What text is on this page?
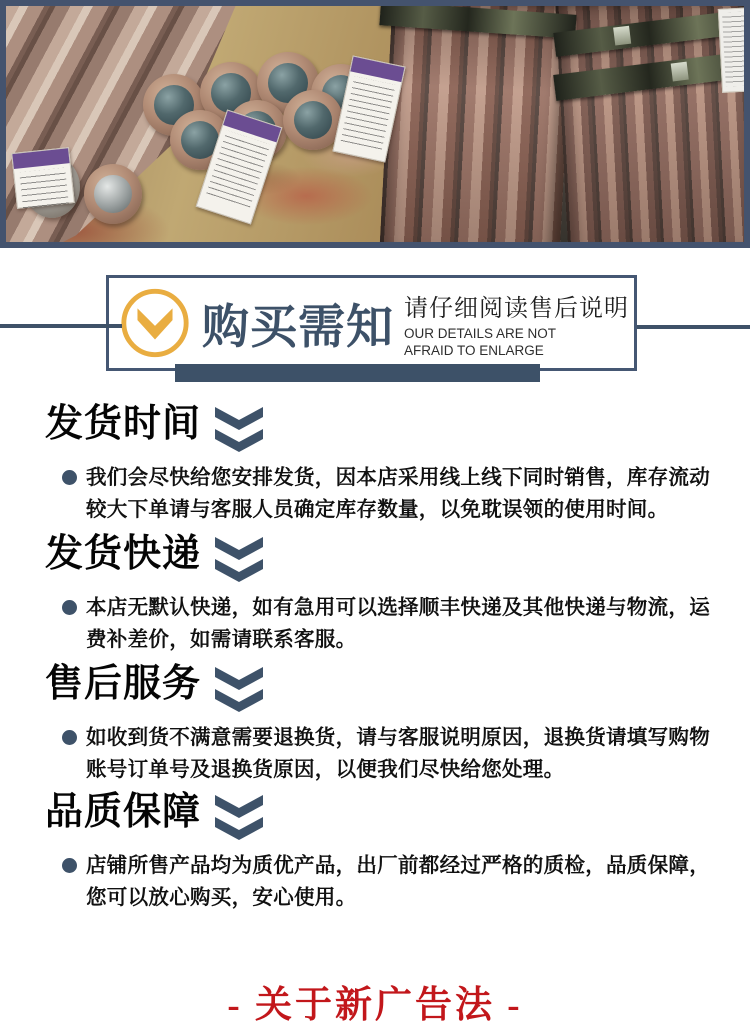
购买需知 请仔细阅读售后说明
OUR DETAILS ARE NOT AFRAID TO ENLARGE
发货时间
我们会尽快给您安排发货，因本店采用线上线下同时销售，库存流动较大下单请与客服人员确定库存数量，以免耽误领的使用时间。
发货快递
本店无默认快递，如有急用可以选择顺丰快递及其他快递与物流，运费补差价，如需请联系客服。
售后服务
如收到货不满意需要退换货，请与客服说明原因，退换货请填写购物账号订单号及退换货原因，以便我们尽快给您处理。
品质保障
店铺所售产品均为质优产品，出厂前都经过严格的质检，品质保障，您可以放心购买，安心使用。
- 关于新广告法 -
